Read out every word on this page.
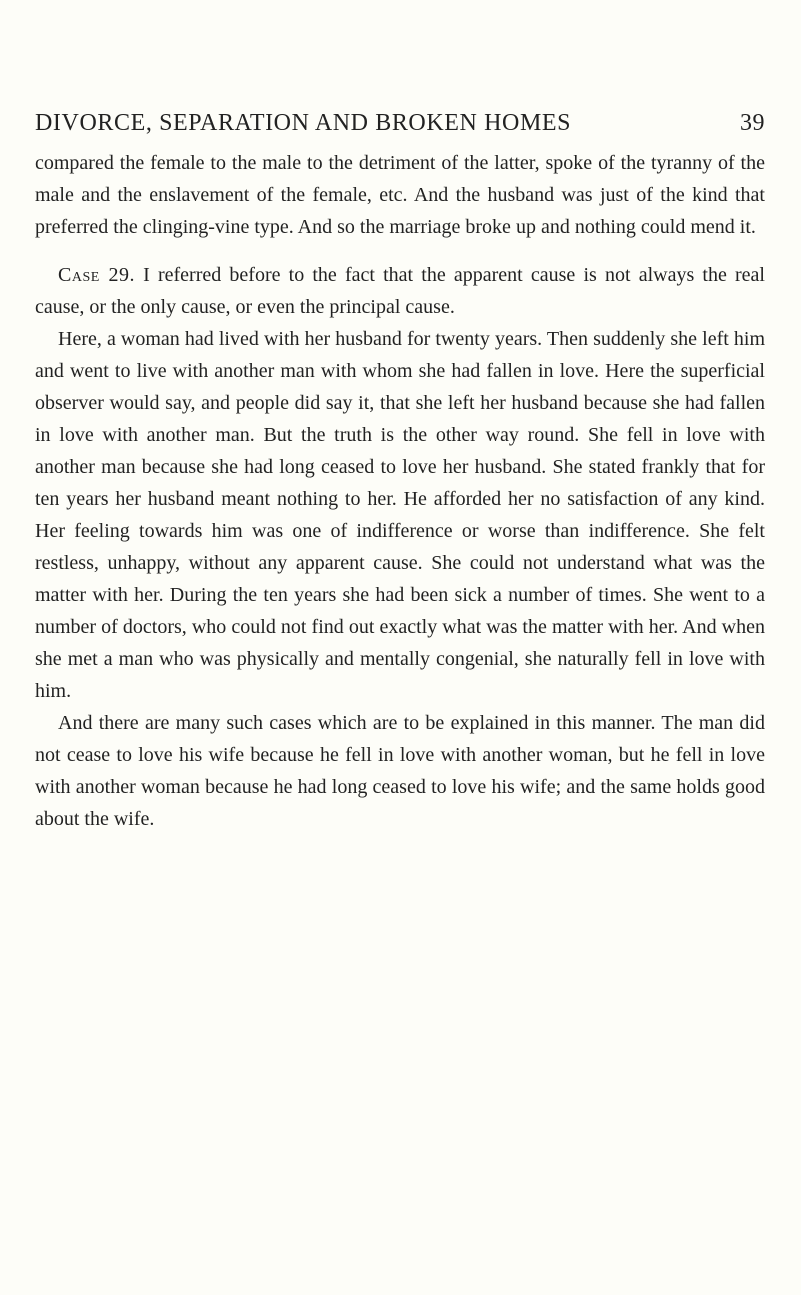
DIVORCE, SEPARATION AND BROKEN HOMES	39

compared the female to the male to the detriment of the latter, spoke of the tyranny of the male and the enslavement of the female, etc. And the husband was just of the kind that preferred the clinging-vine type. And so the marriage broke up and nothing could mend it.

Case 29. I referred before to the fact that the apparent cause is not always the real cause, or the only cause, or even the principal cause.

Here, a woman had lived with her husband for twenty years. Then suddenly she left him and went to live with another man with whom she had fallen in love. Here the superficial observer would say, and people did say it, that she left her husband because she had fallen in love with another man. But the truth is the other way round. She fell in love with another man because she had long ceased to love her husband. She stated frankly that for ten years her husband meant nothing to her. He afforded her no satisfaction of any kind. Her feeling towards him was one of indifference or worse than indifference. She felt restless, unhappy, without any apparent cause. She could not understand what was the matter with her. During the ten years she had been sick a number of times. She went to a number of doctors, who could not find out exactly what was the matter with her. And when she met a man who was physically and mentally congenial, she naturally fell in love with him.

And there are many such cases which are to be explained in this manner. The man did not cease to love his wife because he fell in love with another woman, but he fell in love with another woman because he had long ceased to love his wife; and the same holds good about the wife.
